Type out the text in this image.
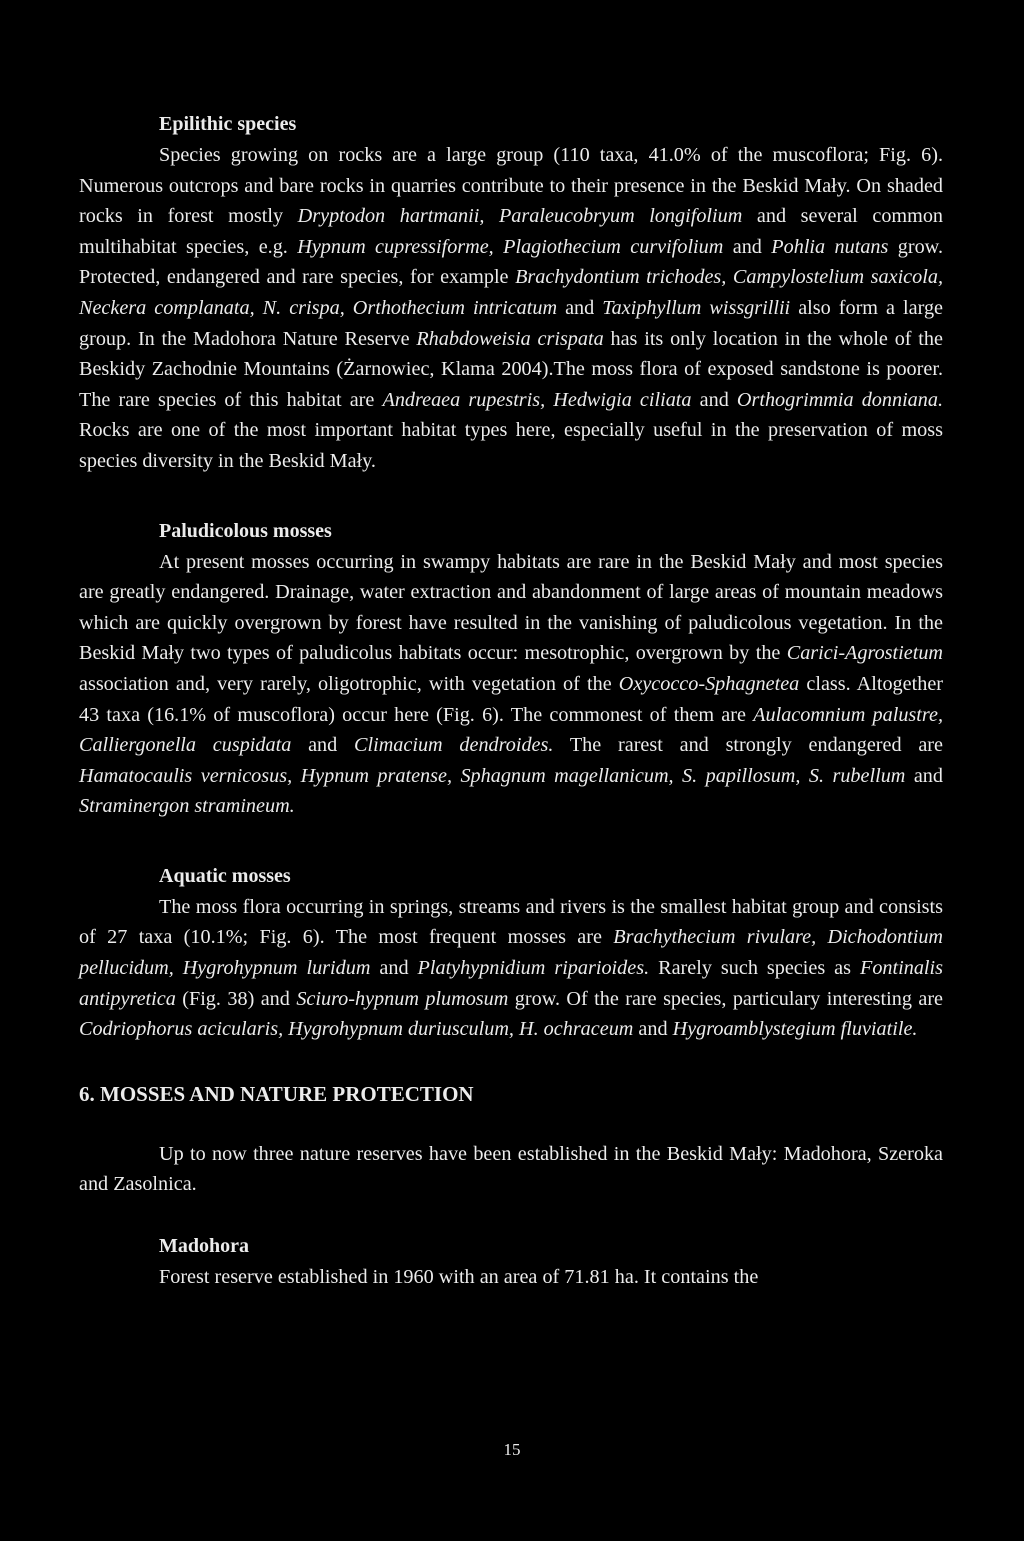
Epilithic species

Species growing on rocks are a large group (110 taxa, 41.0% of the muscoflora; Fig. 6). Numerous outcrops and bare rocks in quarries contribute to their presence in the Beskid Mały. On shaded rocks in forest mostly Dryptodon hartmanii, Paraleucobryum longifolium and several common multihabitat species, e.g. Hypnum cupressiforme, Plagiothecium curvifolium and Pohlia nutans grow. Protected, endangered and rare species, for example Brachydontium trichodes, Campylostelium saxicola, Neckera complanata, N. crispa, Orthothecium intricatum and Taxiphyllum wissgrillii also form a large group. In the Madohora Nature Reserve Rhabdoweisia crispata has its only location in the whole of the Beskidy Zachodnie Mountains (Żarnowiec, Klama 2004).The moss flora of exposed sandstone is poorer. The rare species of this habitat are Andreaea rupestris, Hedwigia ciliata and Orthogrimmia donniana. Rocks are one of the most important habitat types here, especially useful in the preservation of moss species diversity in the Beskid Mały.

Paludicolous mosses

At present mosses occurring in swampy habitats are rare in the Beskid Mały and most species are greatly endangered. Drainage, water extraction and abandonment of large areas of mountain meadows which are quickly overgrown by forest have resulted in the vanishing of paludicolous vegetation. In the Beskid Mały two types of paludicolus habitats occur: mesotrophic, overgrown by the Carici-Agrostietum association and, very rarely, oligotrophic, with vegetation of the Oxycocco-Sphagnetea class. Altogether 43 taxa (16.1% of muscoflora) occur here (Fig. 6). The commonest of them are Aulacomnium palustre, Calliergonella cuspidata and Climacium dendroides. The rarest and strongly endangered are Hamatocaulis vernicosus, Hypnum pratense, Sphagnum magellanicum, S. papillosum, S. rubellum and Straminergon stramineum.

Aquatic mosses

The moss flora occurring in springs, streams and rivers is the smallest habitat group and consists of 27 taxa (10.1%; Fig. 6). The most frequent mosses are Brachythecium rivulare, Dichodontium pellucidum, Hygrohypnum luridum and Platyhypnidium riparioides. Rarely such species as Fontinalis antipyretica (Fig. 38) and Sciuro-hypnum plumosum grow. Of the rare species, particulary interesting are Codriophorus acicularis, Hygrohypnum duriusculum, H. ochraceum and Hygroamblystegium fluviatile.

6. MOSSES AND NATURE PROTECTION

Up to now three nature reserves have been established in the Beskid Mały: Madohora, Szeroka and Zasolnica.

Madohora

Forest reserve established in 1960 with an area of 71.81 ha. It contains the

15
